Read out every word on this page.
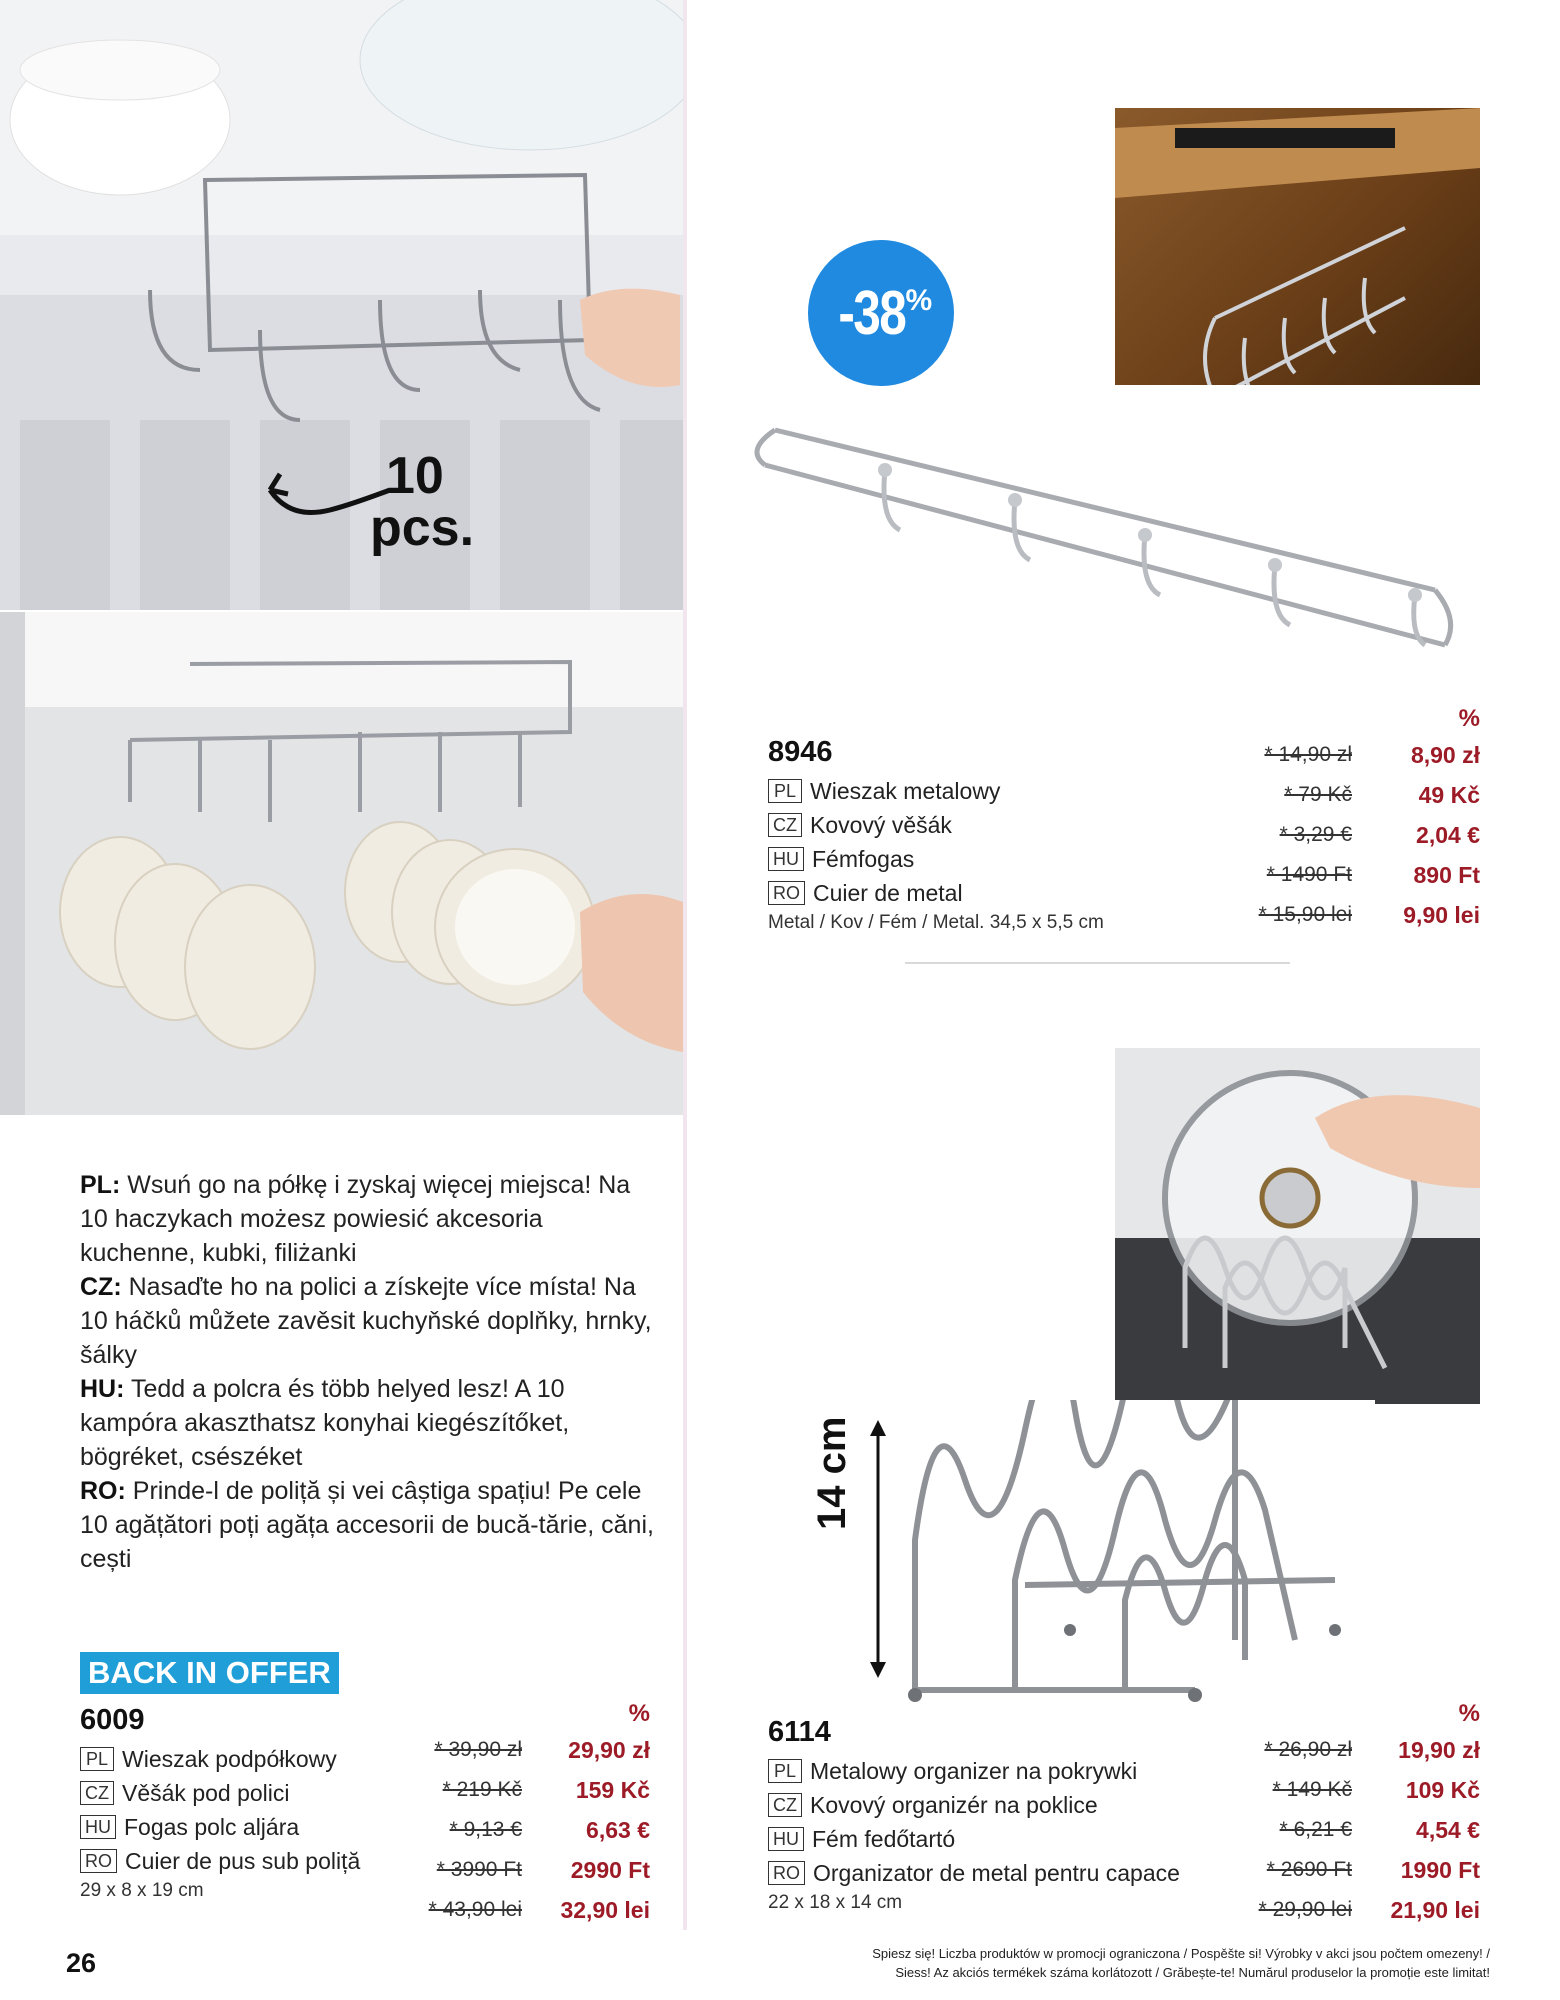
10
pcs.
-38 %
8946
PL Wieszak metalowy
CZ Kovový věšák
HU Fémfogas
RO Cuier de metal
Metal / Kov / Fém / Metal. 34,5 x 5,5 cm
%
* 14,90 zł	8,90 zł
* 79 Kč	49 Kč
* 3,29 €	2,04 €
* 1490 Ft	890 Ft
* 15,90 lei	9,90 lei
14 cm
6114
PL Metalowy organizer na pokrywki
CZ Kovový organizér na poklice
HU Fém fedőtartó
RO Organizator de metal pentru capace
22 x 18 x 14 cm
%
* 26,90 zł	19,90 zł
* 149 Kč	109 Kč
* 6,21 €	4,54 €
* 2690 Ft	1990 Ft
* 29,90 lei	21,90 lei

PL: Wsuń go na półkę i zyskaj więcej miejsca! Na 10 haczykach możesz powiesić akcesoria kuchenne, kubki, filiżanki

CZ: Nasaďte ho na polici a získejte více místa! Na 10 háčků můžete zavěsit kuchyňské doplňky, hrnky, šálky

HU: Tedd a polcra és több helyed lesz! A 10 kampóra akaszthatsz konyhai kiegészítőket, bögréket, csészéket

RO: Prinde-l de poliță și vei câștiga spațiu! Pe cele 10 agățători poți agăța accesorii de bucă-tărie, căni, cești

BACK IN OFFER
6009
PL Wieszak podpółkowy
CZ Věšák pod polici
HU Fogas polc aljára
RO Cuier de pus sub poliță
29 x 8 x 19 cm
%
* 39,90 zł	29,90 zł
* 219 Kč	159 Kč
* 9,13 €	6,63 €
* 3990 Ft	2990 Ft
* 43,90 lei	32,90 lei
26	Spiesz się! Liczba produktów w promocji ograniczona / Pospěšte si! Výrobky v akci jsou počtem omezeny! /
Siess! Az akciós termékek száma korlátozott / Grăbește-te! Numărul produselor la promoție este limitat!
